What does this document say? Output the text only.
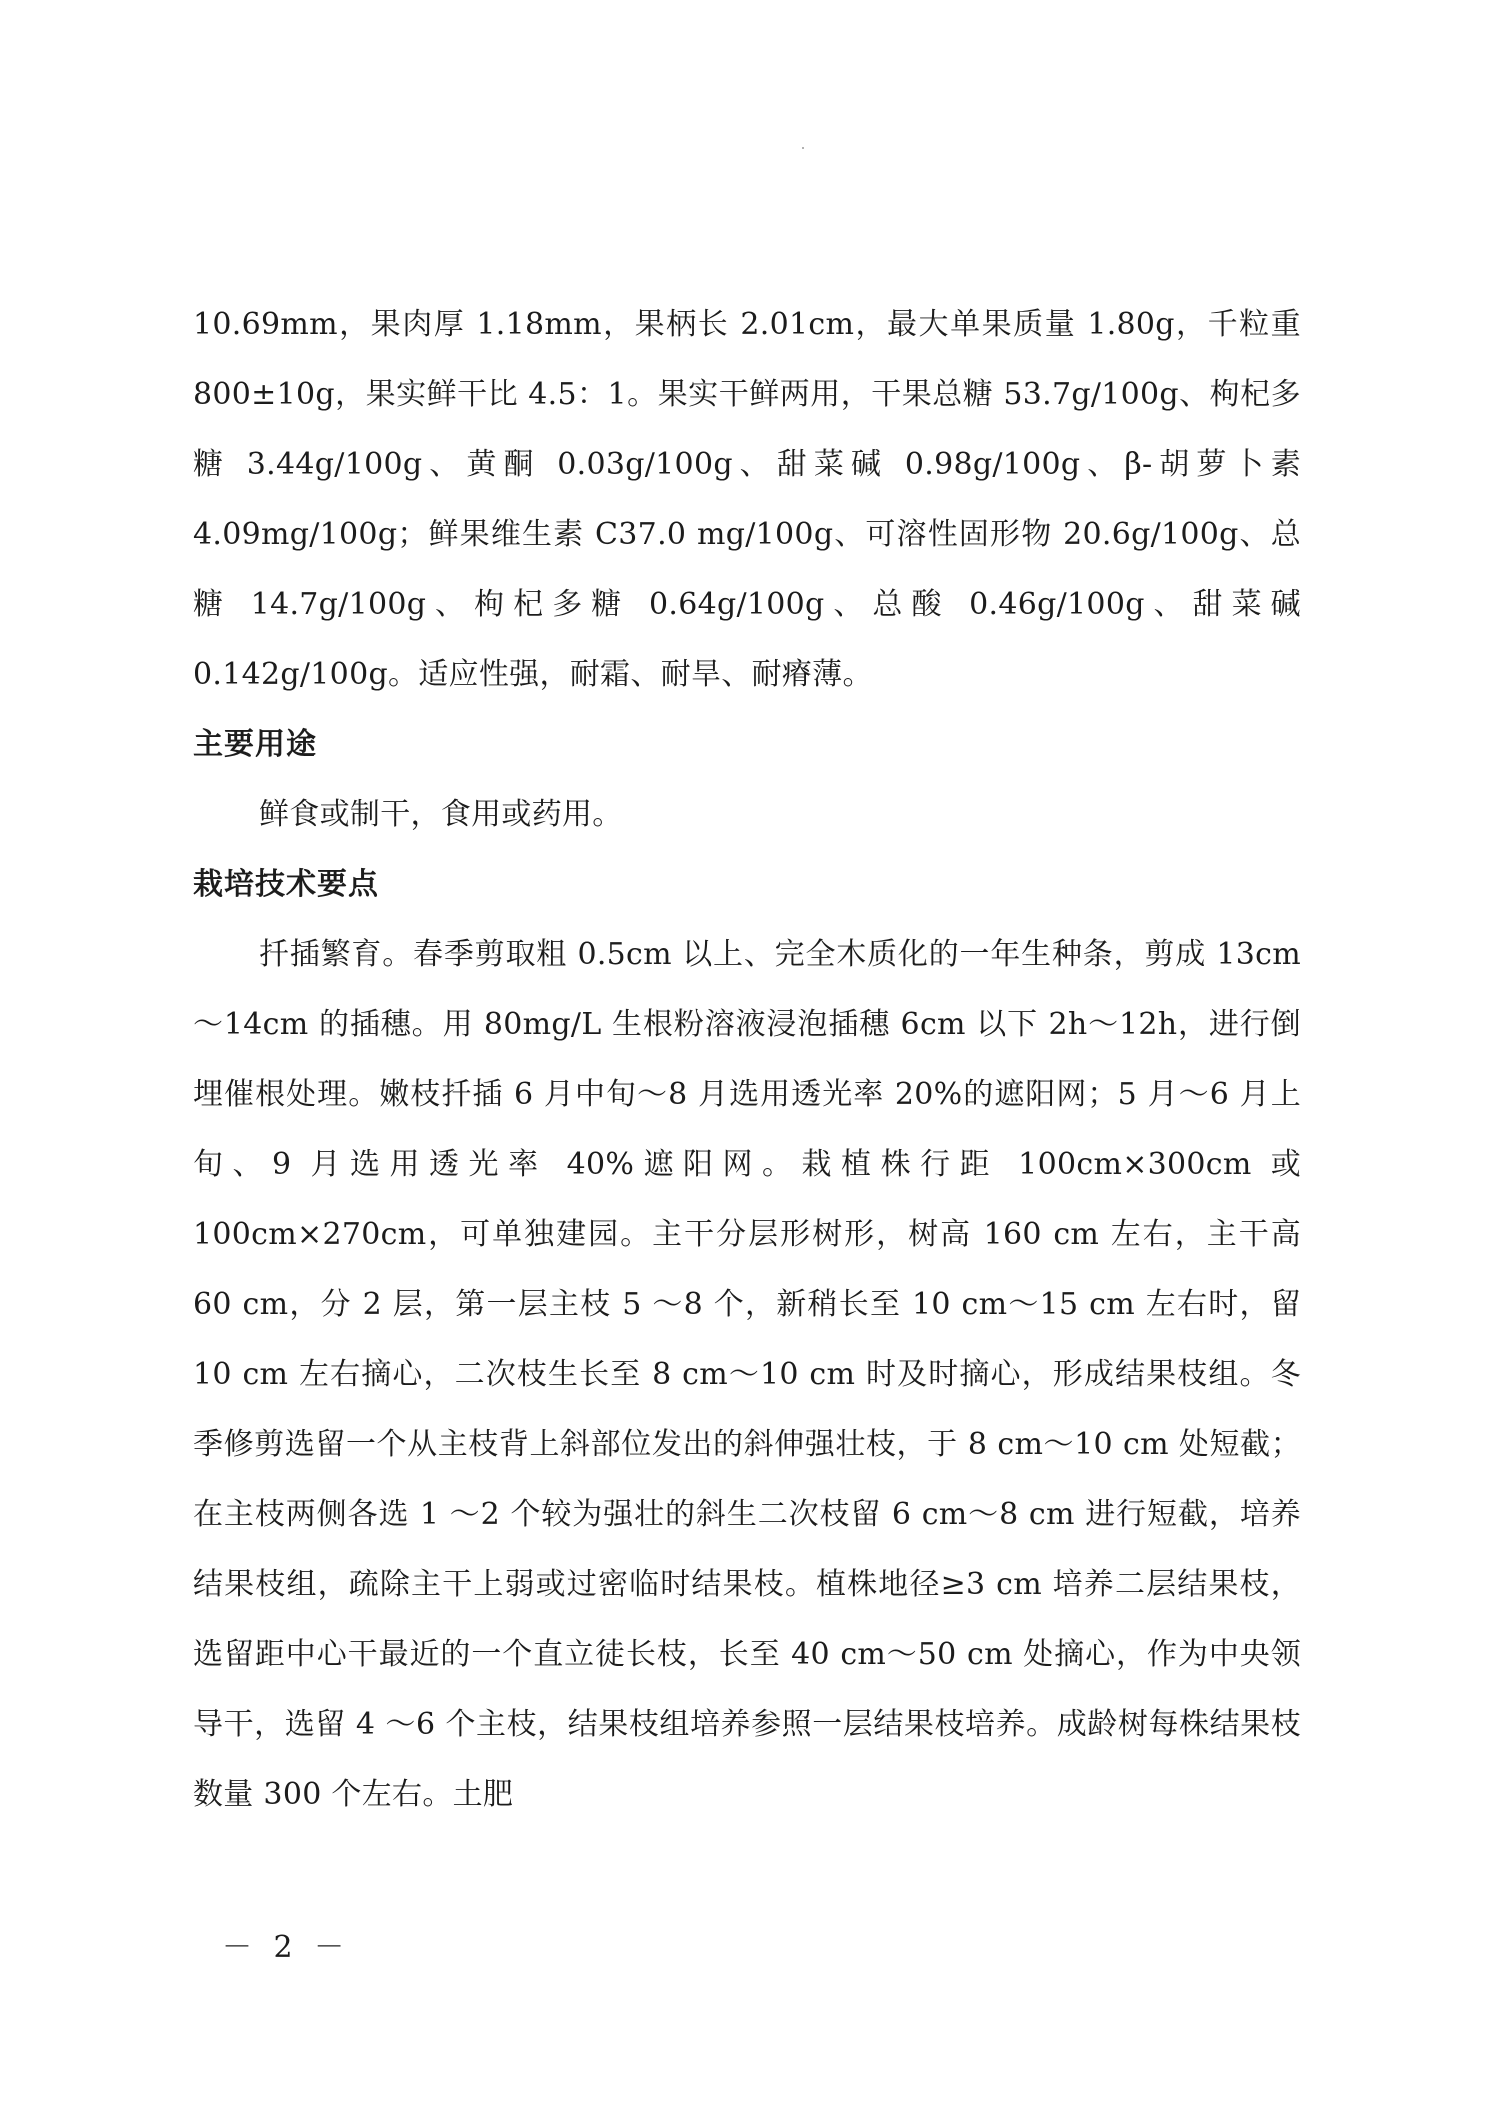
10.69mm，果肉厚 1.18mm，果柄长 2.01cm，最大单果质量 1.80g，千粒重 800±10g，果实鲜干比 4.5：1。果实干鲜两用，干果总糖 53.7g/100g、枸杞多糖 3.44g/100g、黄酮 0.03g/100g、甜菜碱 0.98g/100g、β-胡萝卜素 4.09mg/100g；鲜果维生素 C37.0 mg/100g、可溶性固形物 20.6g/100g、总糖 14.7g/100g、枸杞多糖 0.64g/100g、总酸 0.46g/100g、甜菜碱 0.142g/100g。适应性强，耐霜、耐旱、耐瘠薄。

主要用途

鲜食或制干，食用或药用。

栽培技术要点

扦插繁育。春季剪取粗 0.5cm 以上、完全木质化的一年生种条，剪成 13cm～14cm 的插穗。用 80mg/L 生根粉溶液浸泡插穗 6cm 以下 2h～12h，进行倒埋催根处理。嫩枝扦插 6 月中旬～8 月选用透光率 20%的遮阳网；5 月～6 月上旬、9 月选用透光率 40%遮阳网。栽植株行距 100cm×300cm 或 100cm×270cm，可单独建园。主干分层形树形，树高 160 cm 左右，主干高 60 cm，分 2 层，第一层主枝 5 ～8 个，新稍长至 10 cm～15 cm 左右时，留 10 cm 左右摘心，二次枝生长至 8 cm～10 cm 时及时摘心，形成结果枝组。冬季修剪选留一个从主枝背上斜部位发出的斜伸强壮枝，于 8 cm～10 cm 处短截；在主枝两侧各选 1 ～2 个较为强壮的斜生二次枝留 6 cm～8 cm 进行短截，培养结果枝组，疏除主干上弱或过密临时结果枝。植株地径≥3 cm 培养二层结果枝，选留距中心干最近的一个直立徒长枝，长至 40 cm～50 cm 处摘心，作为中央领导干，选留 4 ～6 个主枝，结果枝组培养参照一层结果枝培养。成龄树每株结果枝数量 300 个左右。土肥

－ 2 －
